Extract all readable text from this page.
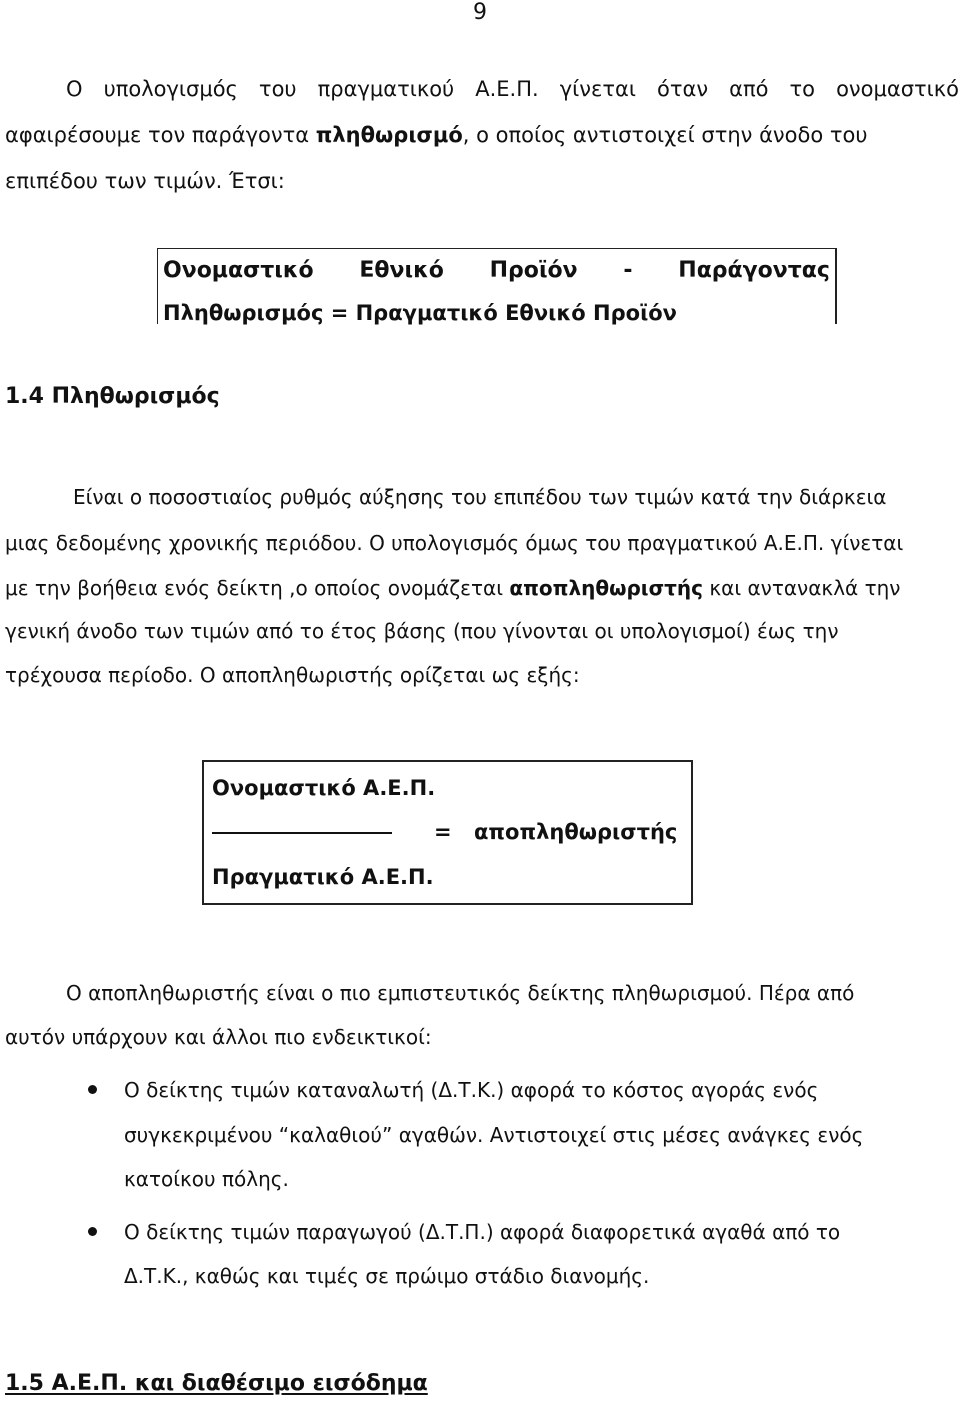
9
Ο υπολογισμός του πραγματικού Α.Ε.Π. γίνεται όταν από το ονομαστικό
αφαιρέσουμε τον παράγοντα πληθωρισμό, ο οποίος αντιστοιχεί στην άνοδο του
επιπέδου των τιμών. Έτσι:
Ονομαστικό Εθνικό Προϊόν - Παράγοντας
Πληθωρισμός = Πραγματικό Εθνικό Προϊόν
1.4 Πληθωρισμός
Είναι ο ποσοστιαίος ρυθμός αύξησης του επιπέδου των τιμών κατά την διάρκεια
μιας δεδομένης χρονικής περιόδου. Ο υπολογισμός όμως του πραγματικού Α.Ε.Π. γίνεται
με την βοήθεια ενός δείκτη ,ο οποίος ονομάζεται αποπληθωριστής και αντανακλά την
γενική άνοδο των τιμών από το έτος βάσης (που γίνονται οι υπολογισμοί) έως την
τρέχουσα περίοδο. Ο αποπληθωριστής ορίζεται ως εξής:
Ονομαστικό Α.Ε.Π.
= αποπληθωριστής
Πραγματικό Α.Ε.Π.
Ο αποπληθωριστής είναι ο πιο εμπιστευτικός δείκτης πληθωρισμού. Πέρα από
αυτόν υπάρχουν και άλλοι πιο ενδεικτικοί:
Ο δείκτης τιμών καταναλωτή (Δ.Τ.Κ.) αφορά το κόστος αγοράς ενός
συγκεκριμένου “καλαθιού” αγαθών. Αντιστοιχεί στις μέσες ανάγκες ενός
κατοίκου πόλης.
Ο δείκτης τιμών παραγωγού (Δ.Τ.Π.) αφορά διαφορετικά αγαθά από το
Δ.Τ.Κ., καθώς και τιμές σε πρώιμο στάδιο διανομής.
1.5 Α.Ε.Π. και διαθέσιμο εισόδημα
